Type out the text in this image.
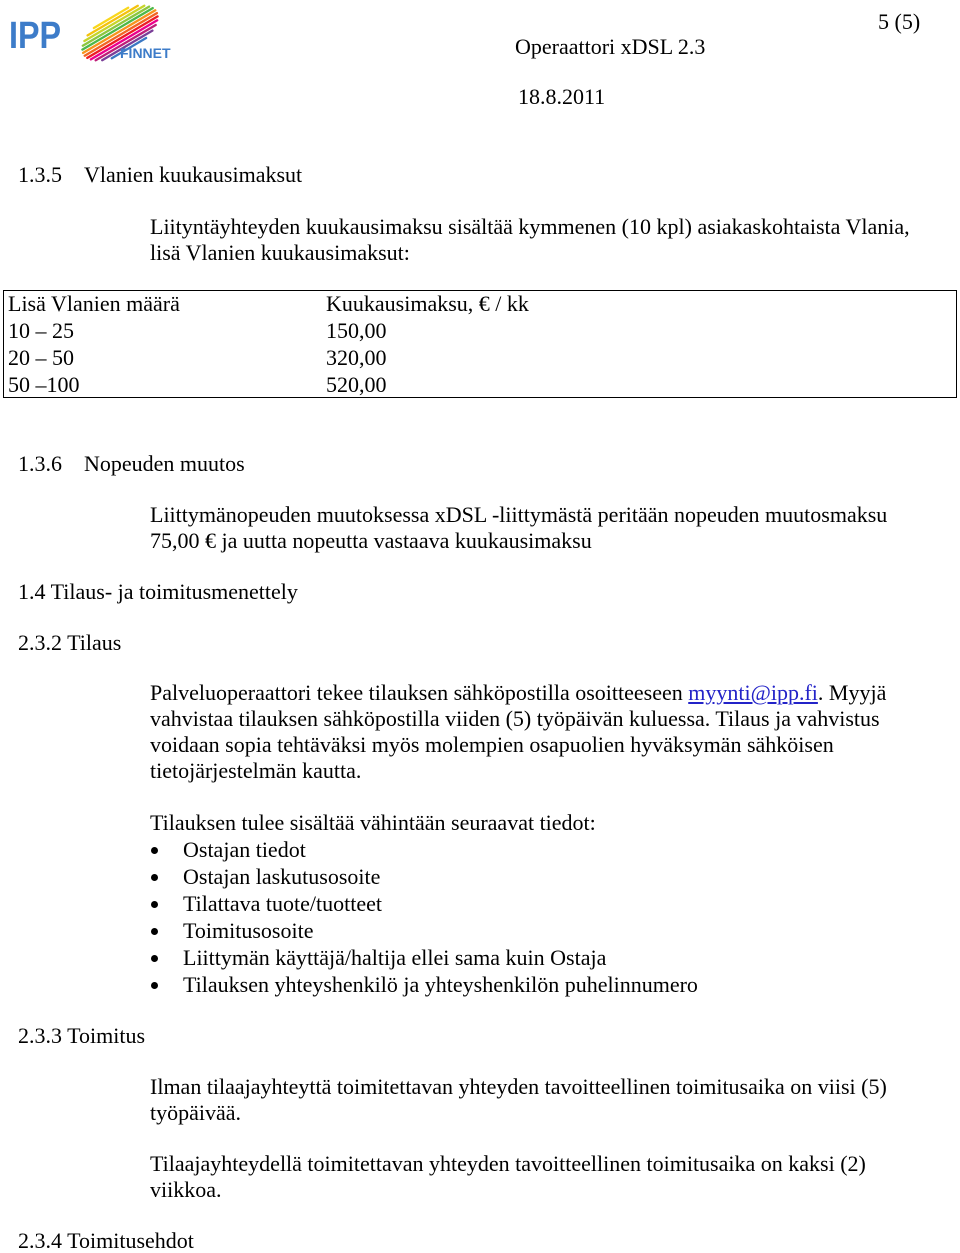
IPP	FINNET
5 (5)
Operaattori xDSL 2.3
18.8.2011
1.3.5 Vlanien kuukausimaksut
Liityntäyhteyden kuukausimaksu sisältää kymmenen (10 kpl) asiakaskohtaista Vlania,
lisä Vlanien kuukausimaksut:
Lisä Vlanien määrä	Kuukausimaksu, € / kk
10 – 25	150,00
20 – 50	320,00
50 –100	520,00
1.3.6 Nopeuden muutos
Liittymänopeuden muutoksessa xDSL -liittymästä peritään nopeuden muutosmaksu
75,00 € ja uutta nopeutta vastaava kuukausimaksu
1.4 Tilaus- ja toimitusmenettely
2.3.2 Tilaus
Palveluoperaattori tekee tilauksen sähköpostilla osoitteeseen myynti@ipp.fi. Myyjä
vahvistaa tilauksen sähköpostilla viiden (5) työpäivän kuluessa. Tilaus ja vahvistus
voidaan sopia tehtäväksi myös molempien osapuolien hyväksymän sähköisen
tietojärjestelmän kautta.
Tilauksen tulee sisältää vähintään seuraavat tiedot:
Ostajan tiedot
Ostajan laskutusosoite
Tilattava tuote/tuotteet
Toimitusosoite
Liittymän käyttäjä/haltija ellei sama kuin Ostaja
Tilauksen yhteyshenkilö ja yhteyshenkilön puhelinnumero
2.3.3 Toimitus
Ilman tilaajayhteyttä toimitettavan yhteyden tavoitteellinen toimitusaika on viisi (5)
työpäivää.
Tilaajayhteydellä toimitettavan yhteyden tavoitteellinen toimitusaika on kaksi (2)
viikkoa.
2.3.4 Toimitusehdot
